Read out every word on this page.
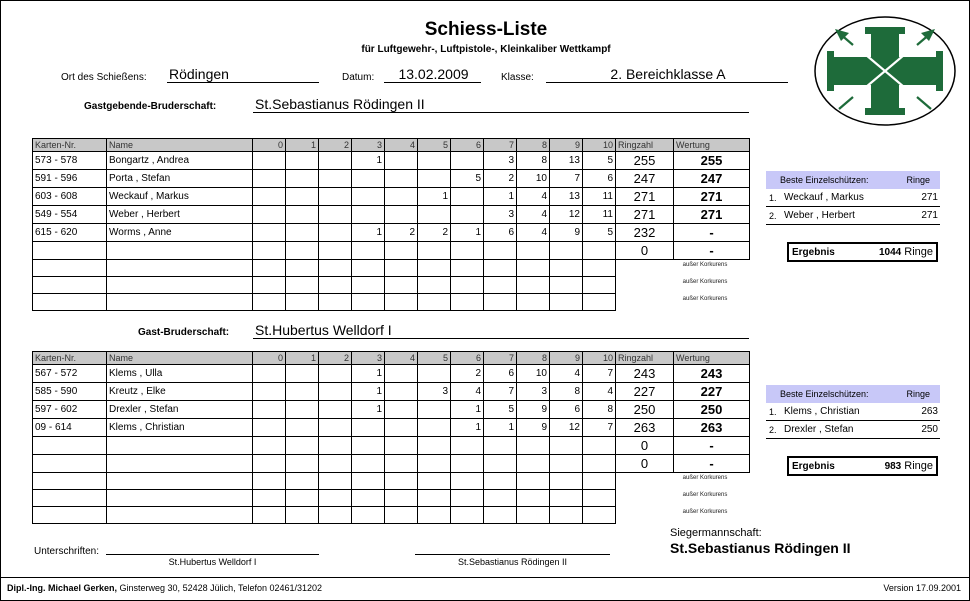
Schiess-Liste
für Luftgewehr-, Luftpistole-, Kleinkaliber Wettkampf
Ort des Schießens: Rödingen	Datum:	13.02.2009	Klasse:	2. Bereichklasse A
Gastgebende-Bruderschaft:	St.Sebastianus Rödingen II
Karten-Nr.	Name	0	1	2	3	4	5	6	7	8	9	10	Ringzahl	Wertung
573 - 578	Bongartz , Andrea				1				3	8	13	5	255	255
591 - 596	Porta , Stefan							5	2	10	7	6	247	247
603 - 608	Weckauf , Markus						1		1	4	13	11	271	271
549 - 554	Weber , Herbert								3	4	12	11	271	271
615 - 620	Worms , Anne				1	2	2	1	6	4	9	5	232	-
													0	-

außer Korkurens
außer Korkurens
außer Korkurens
Beste Einzelschützen:	Ringe
1. Weckauf , Markus	271
2. Weber , Herbert	271
Ergebnis	1044 Ringe
Gast-Bruderschaft: St.Hubertus Welldorf I
Karten-Nr.	Name	0	1	2	3	4	5	6	7	8	9	10	Ringzahl	Wertung
567 - 572	Klems , Ulla				1			2	6	10	4	7	243	243
585 - 590	Kreutz , Elke				1		3	4	7	3	8	4	227	227
597 - 602	Drexler , Stefan				1			1	5	9	6	8	250	250
09 - 614	Klems , Christian							1	1	9	12	7	263	263
													0	-
													0	-

außer Korkurens
außer Korkurens
außer Korkurens
Beste Einzelschützen:	Ringe
1. Klems , Christian	263
2. Drexler , Stefan	250
Ergebnis	983 Ringe
Siegermannschaft:
St.Sebastianus Rödingen II
Unterschriften:
St.Hubertus Welldorf I	St.Sebastianus Rödingen II
Dipl.-Ing. Michael Gerken, Ginsterweg 30, 52428 Jülich, Telefon 02461/31202	Version 17.09.2001
